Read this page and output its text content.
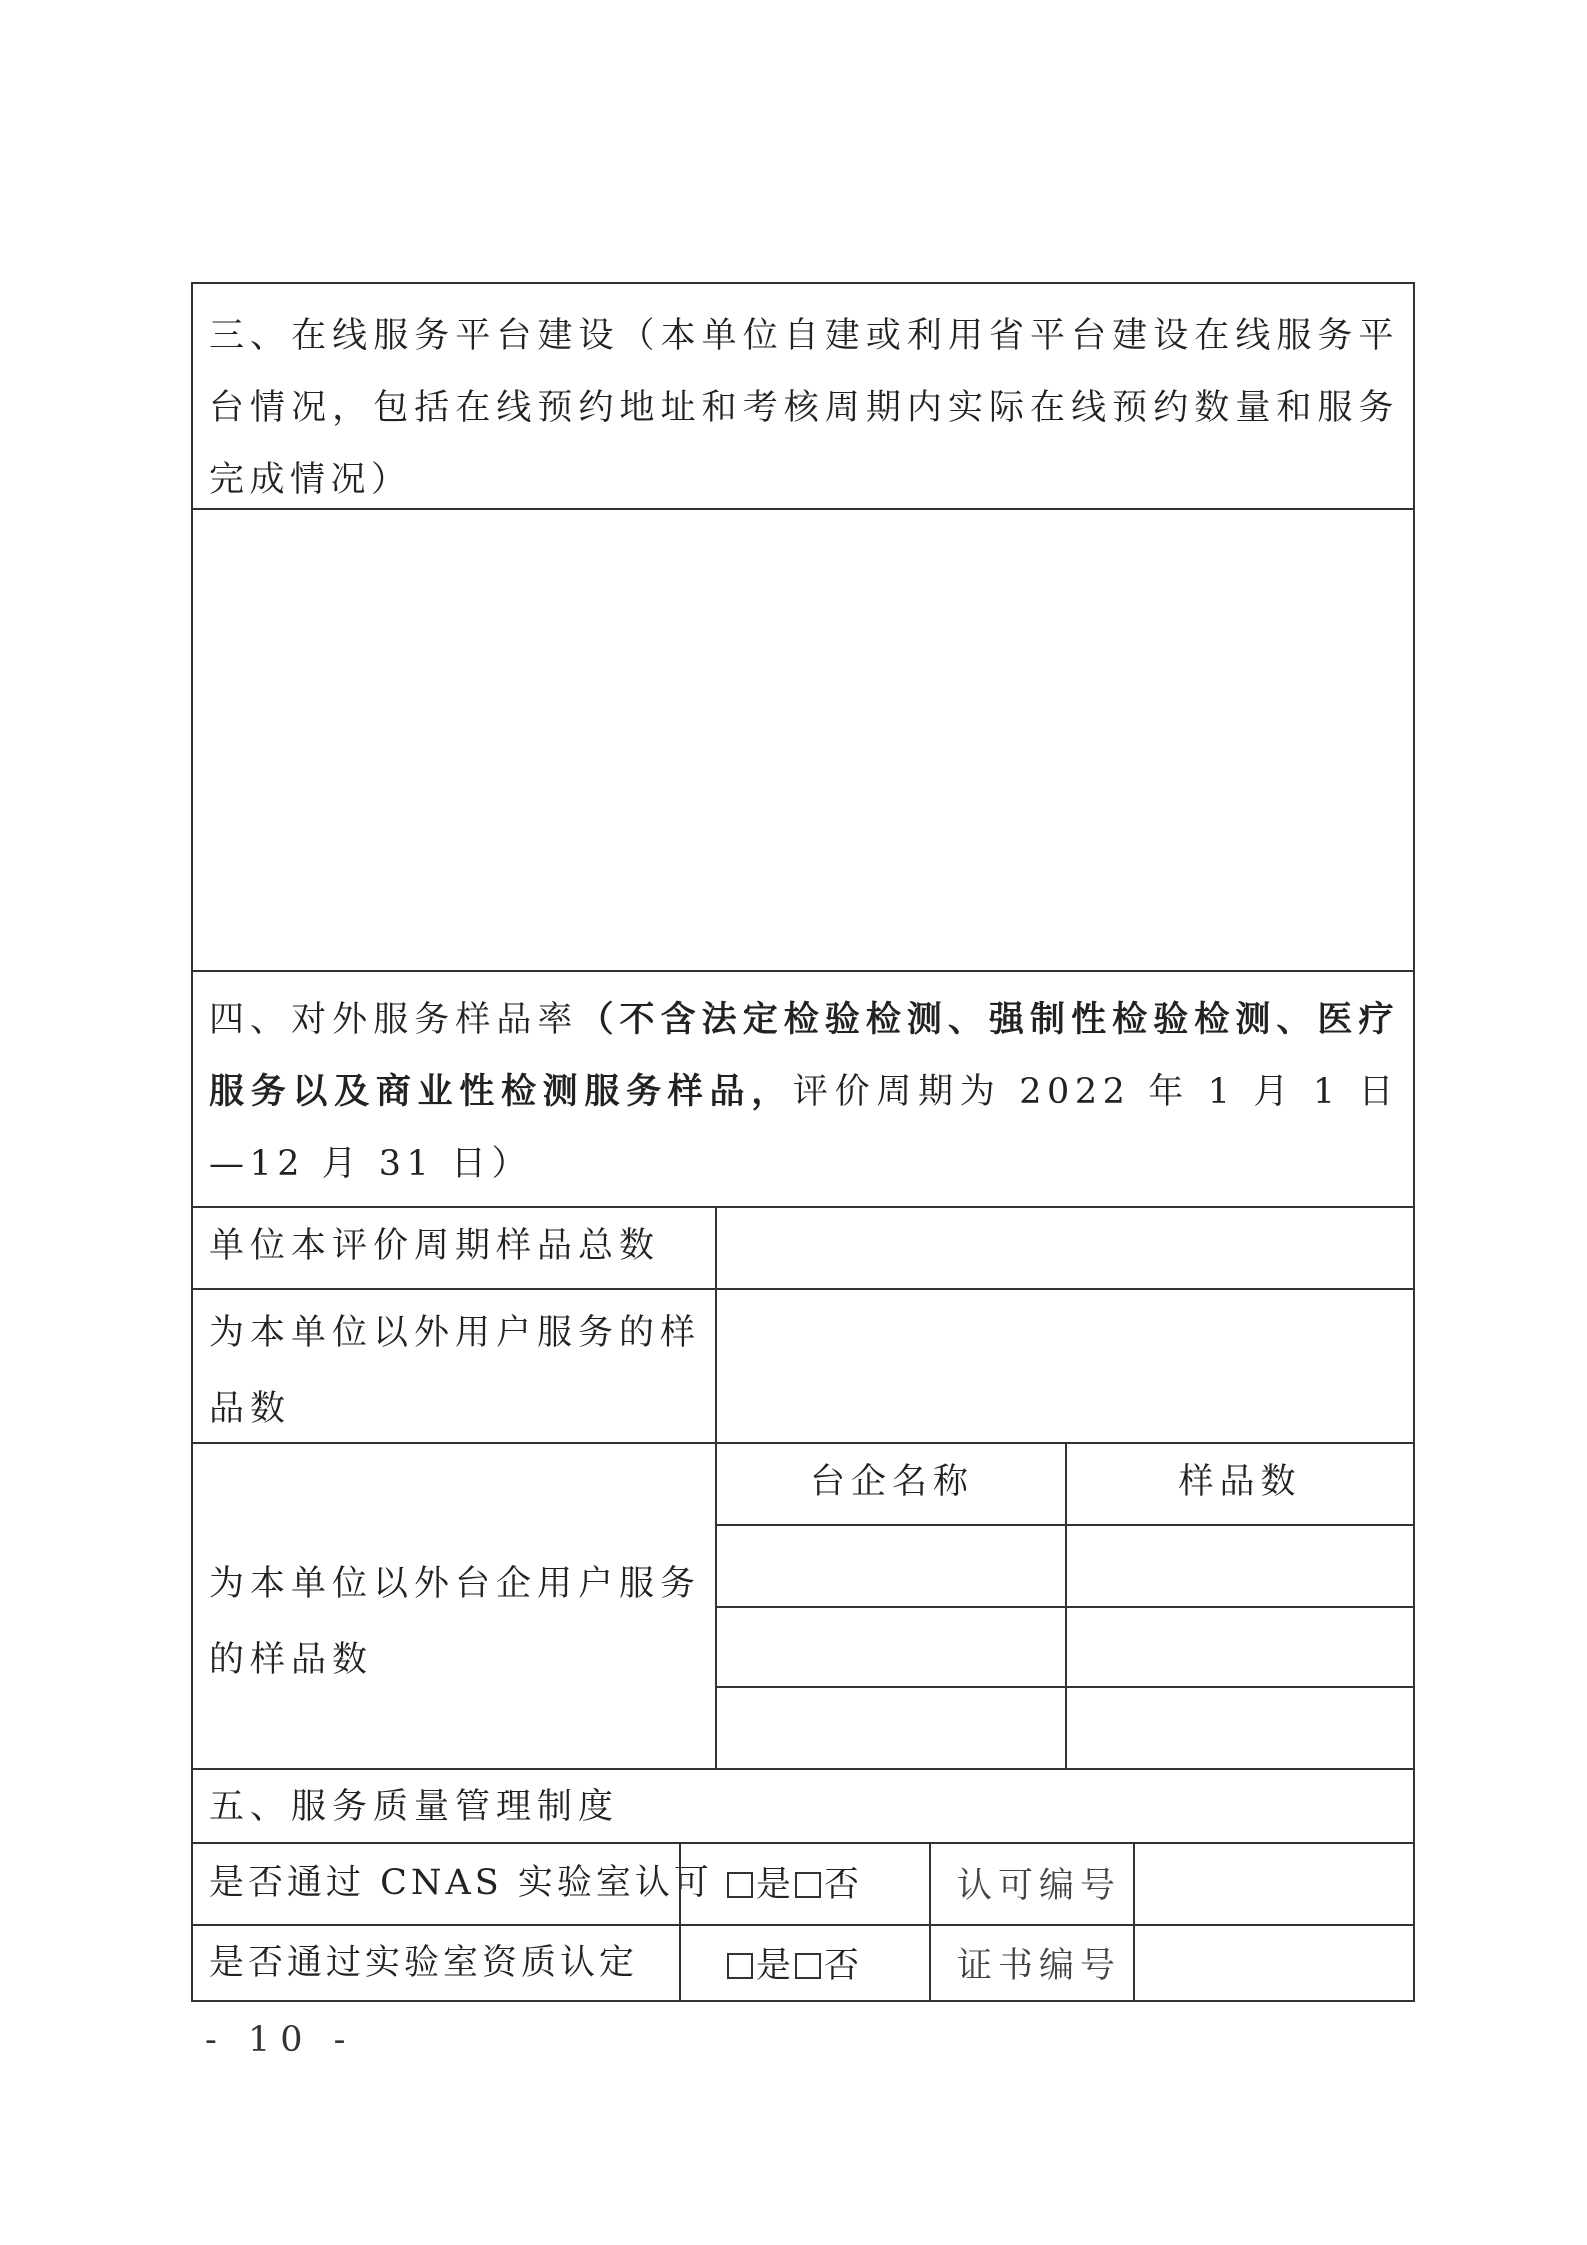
三、在线服务平台建设（本单位自建或利用省平台建设在线服务平台情况，包括在线预约地址和考核周期内实际在线预约数量和服务完成情况）
四、对外服务样品率（不含法定检验检测、强制性检验检测、医疗服务以及商业性检测服务样品，评价周期为 2022 年 1 月 1 日—12 月 31 日）
单位本评价周期样品总数
为本单位以外用户服务的样品数
为本单位以外台企用户服务的样品数
台企名称	样品数
五、服务质量管理制度
是否通过 CNAS 实验室认可	是 否	认可编号
是否通过实验室资质认定	是 否	证书编号
- 10 -
